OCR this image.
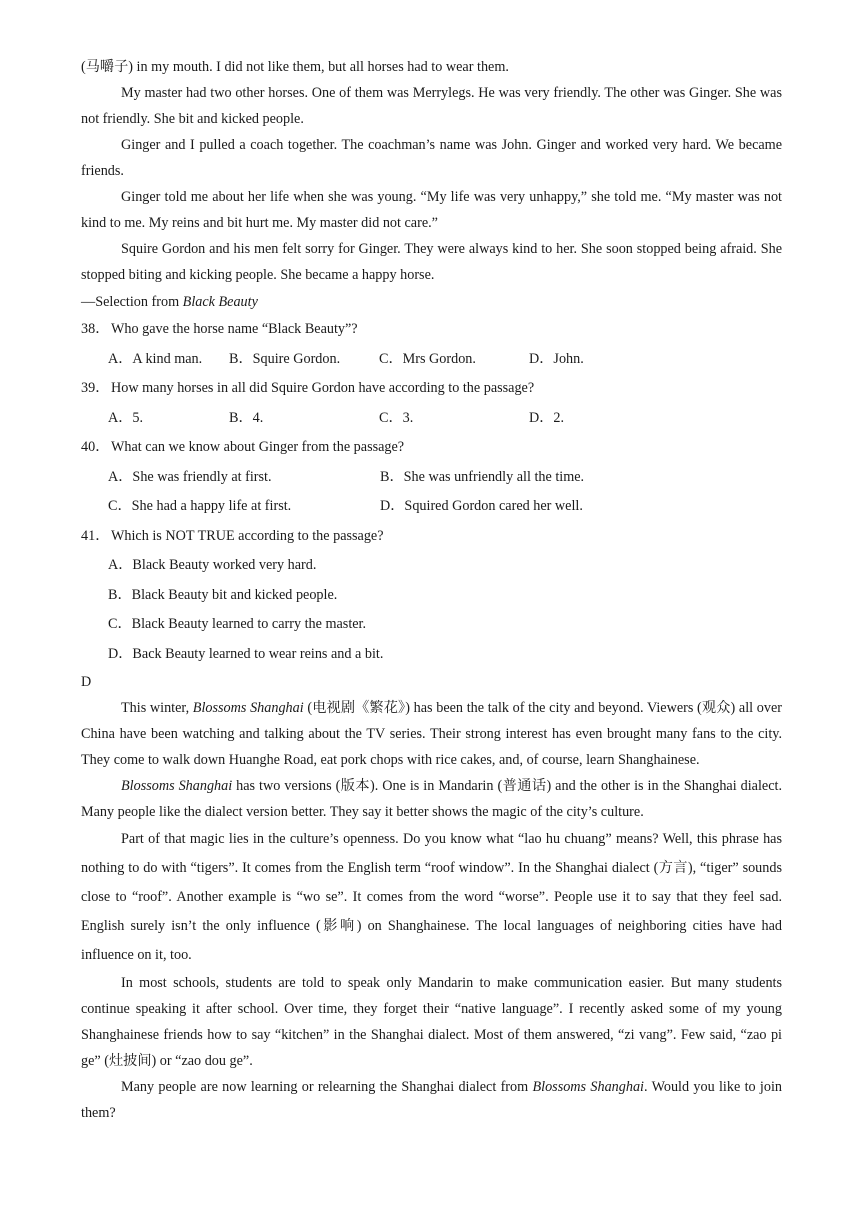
(马嚼子) in my mouth. I did not like them, but all horses had to wear them.

My master had two other horses. One of them was Merrylegs. He was very friendly. The other was Ginger. She was not friendly. She bit and kicked people.

Ginger and I pulled a coach together. The coachman’s name was John. Ginger and worked very hard. We became friends.

Ginger told me about her life when she was young. “My life was very unhappy,” she told me. “My master was not kind to me. My reins and bit hurt me. My master did not care.”

Squire Gordon and his men felt sorry for Ginger. They were always kind to her. She soon stopped being afraid. She stopped biting and kicking people. She became a happy horse.

—Selection from Black Beauty

38． Who gave the horse name “Black Beauty”?

A．A kind man.	B．Squire Gordon.	C．Mrs Gordon.	D．John.

39． How many horses in all did Squire Gordon have according to the passage?

A．5.	B．4.	C．3.	D．2.

40． What can we know about Ginger from the passage?

A．She was friendly at first.	B．She was unfriendly all the time.
C．She had a happy life at first.	D．Squired Gordon cared her well.

41． Which is NOT TRUE according to the passage?

A．Black Beauty worked very hard.
B．Black Beauty bit and kicked people.
C．Black Beauty learned to carry the master.
D．Back Beauty learned to wear reins and a bit.

D

This winter, Blossoms Shanghai (电视剧《繁花》) has been the talk of the city and beyond. Viewers (观众) all over China have been watching and talking about the TV series. Their strong interest has even brought many fans to the city. They come to walk down Huanghe Road, eat pork chops with rice cakes, and, of course, learn Shanghainese.

Blossoms Shanghai has two versions (版本). One is in Mandarin (普通话) and the other is in the Shanghai dialect. Many people like the dialect version better. They say it better shows the magic of the city’s culture.

Part of that magic lies in the culture’s openness. Do you know what “lao hu chuang” means? Well, this phrase has nothing to do with “tigers”. It comes from the English term “roof window”. In the Shanghai dialect (方言), “tiger” sounds close to “roof”. Another example is “wo se”. It comes from the word “worse”. People use it to say that they feel sad. English surely isn’t the only influence (影响) on Shanghainese. The local languages of neighboring cities have had influence on it, too.

In most schools, students are told to speak only Mandarin to make communication easier. But many students continue speaking it after school. Over time, they forget their “native language”. I recently asked some of my young Shanghainese friends how to say “kitchen” in the Shanghai dialect. Most of them answered, “zi vang”. Few said, “zao pi ge” (灶披间) or “zao dou ge”.

Many people are now learning or relearning the Shanghai dialect from Blossoms Shanghai. Would you like to join them?
